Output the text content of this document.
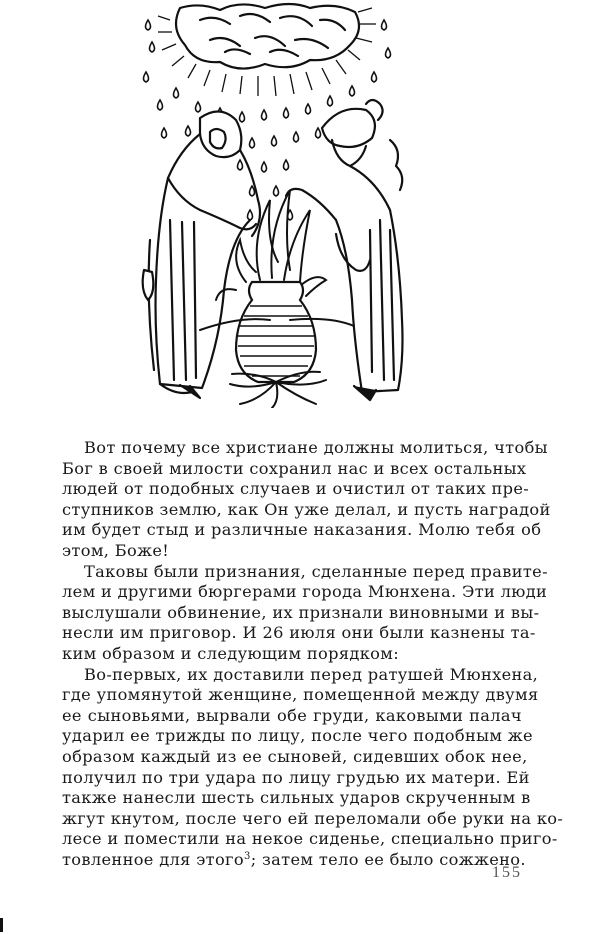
Вот почему все христиане должны молиться, чтобы
Бог в своей милости сохранил нас и всех остальных
людей от подобных случаев и очистил от таких пре-
ступников землю, как Он уже делал, и пусть наградой
им будет стыд и различные наказания. Молю тебя об
этом, Боже!
Таковы были признания, сделанные перед правите-
лем и другими бюргерами города Мюнхена. Эти люди
выслушали обвинение, их признали виновными и вы-
несли им приговор. И 26 июля они были казнены та-
ким образом и следующим порядком:
Во-первых, их доставили перед ратушей Мюнхена,
где упомянутой женщине, помещенной между двумя
ее сыновьями, вырвали обе груди, каковыми палач
ударил ее трижды по лицу, после чего подобным же
образом каждый из ее сыновей, сидевших обок нее,
получил по три удара по лицу грудью их матери. Ей
также нанесли шесть сильных ударов скрученным в
жгут кнутом, после чего ей переломали обе руки на ко-
лесе и поместили на некое сиденье, специально приго-
товленное для этого$^3$; затем тело ее было сожжено.
155
